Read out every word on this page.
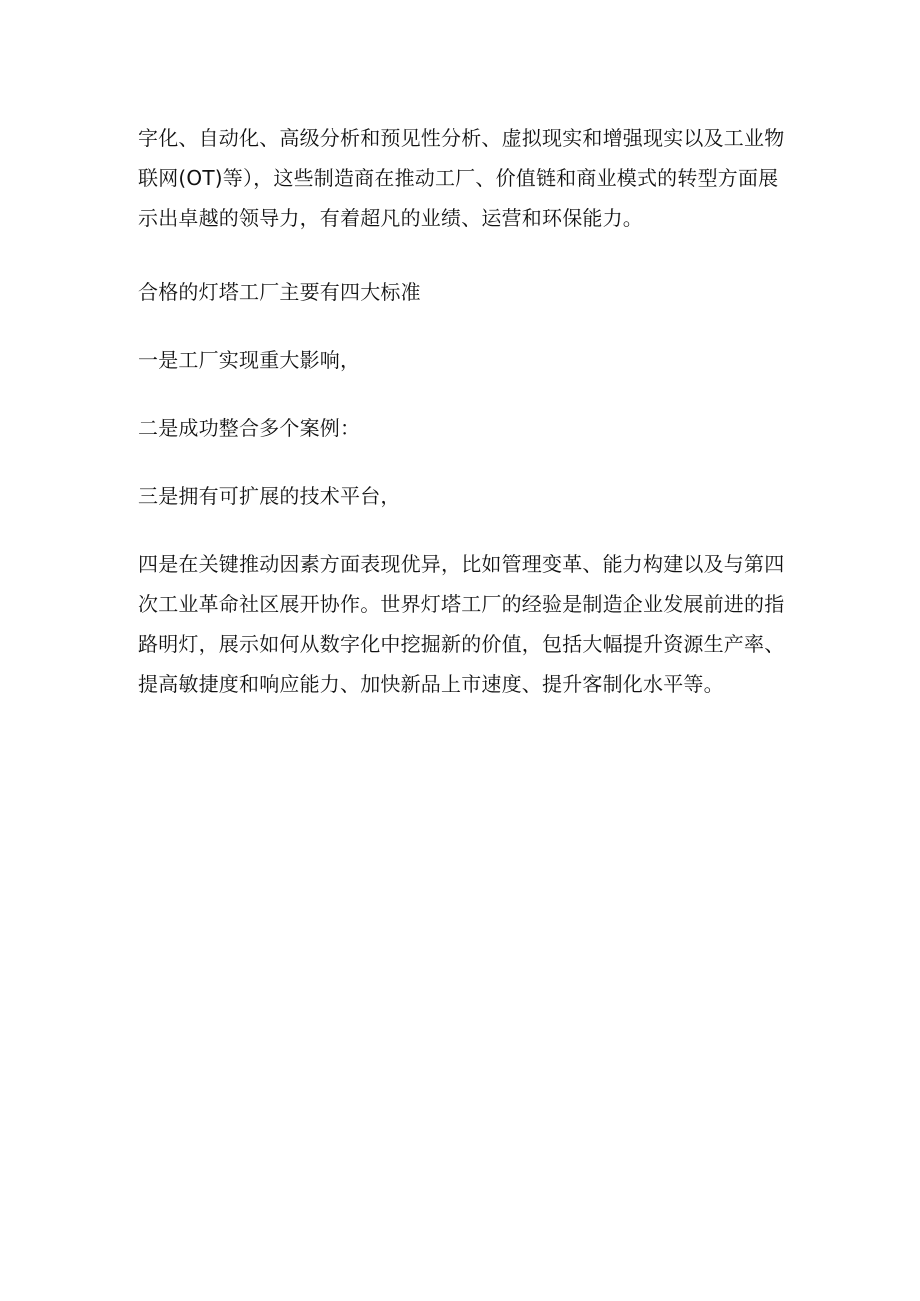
字化、自动化、高级分析和预见性分析、虚拟现实和增强现实以及工业物
联网(OT)等），这些制造商在推动工厂、价值链和商业模式的转型方面展
示出卓越的领导力，有着超凡的业绩、运营和环保能力。
合格的灯塔工厂主要有四大标准
一是工厂实现重大影响，
二是成功整合多个案例：
三是拥有可扩展的技术平台，
四是在关键推动因素方面表现优异，比如管理变革、能力构建以及与第四
次工业革命社区展开协作。世界灯塔工厂的经验是制造企业发展前进的指
路明灯，展示如何从数字化中挖掘新的价值，包括大幅提升资源生产率、
提高敏捷度和响应能力、加快新品上市速度、提升客制化水平等。
